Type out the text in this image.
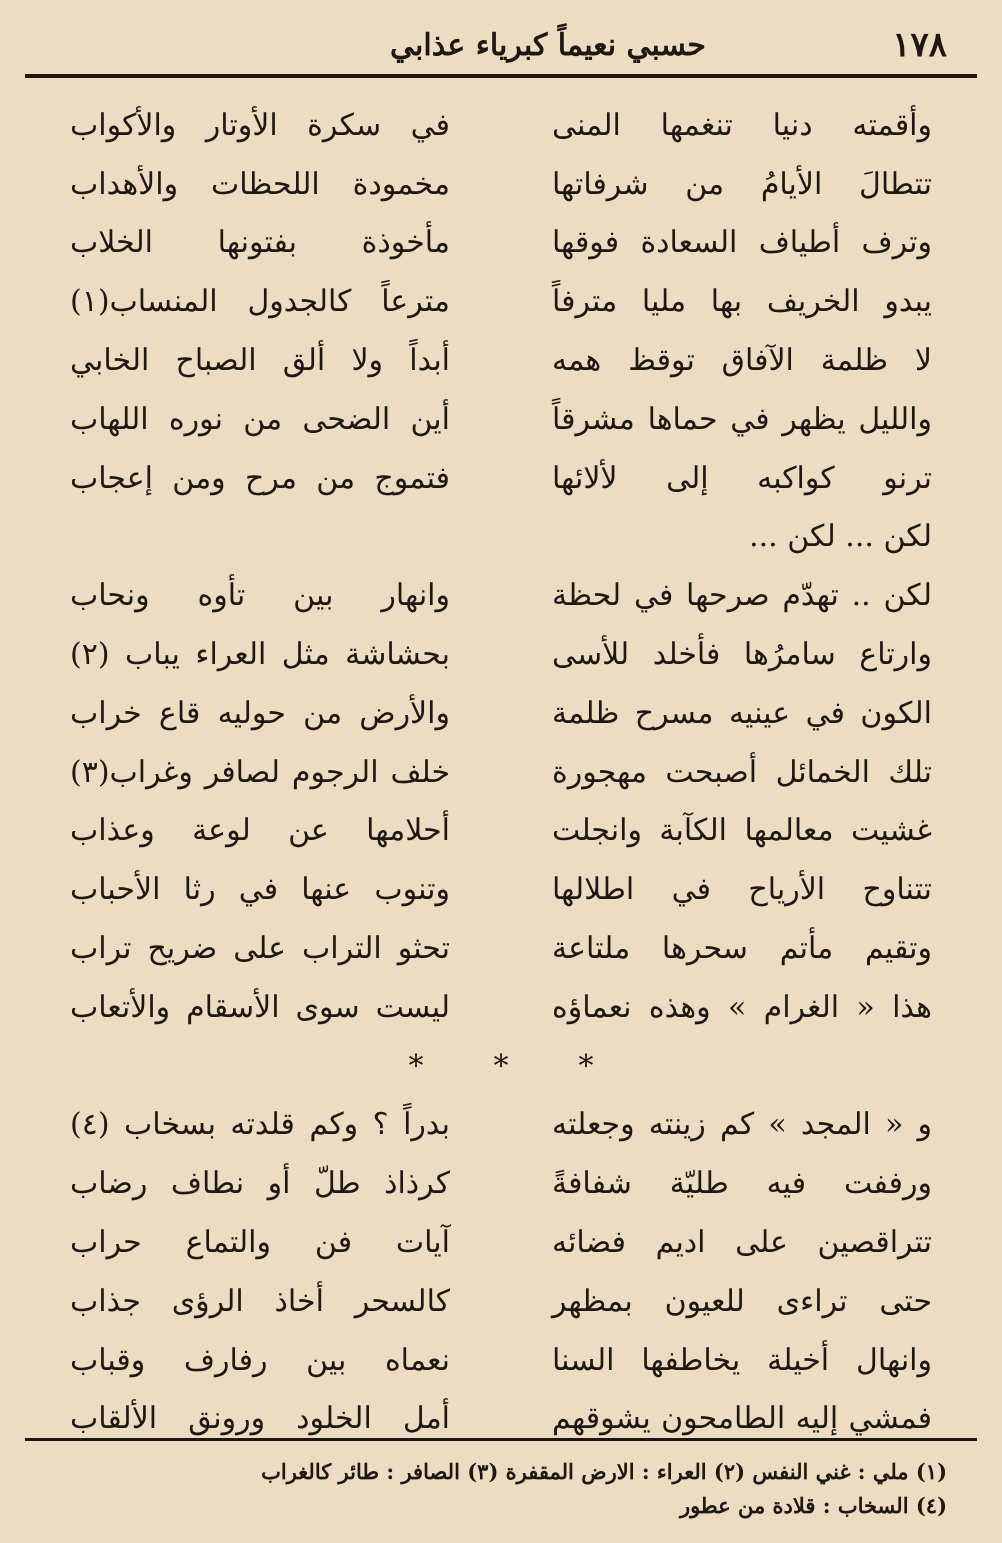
١٧٨
حسبي نعيماً كبرياء عذابي
وأقمته دنيا تنغمها المنى
في سكرة الأوتار والأكواب
تتطالَ الأيامُ من شرفاتها
مخمودة اللحظات والأهداب
وترف أطياف السعادة فوقها
مأخوذة بفتونها الخلاب
يبدو الخريف بها مليا مترفاً
مترعاً كالجدول المنساب(١)
لا ظلمة الآفاق توقظ همه
أبداً ولا ألق الصباح الخابي
والليل يظهر في حماها مشرقاً
أين الضحى من نوره اللهاب
ترنو كواكبه إلى لألائها
فتموج من مرح ومن إعجاب
لكن ... لكن ...
لكن .. تهدّم صرحها في لحظة
وانهار بين تأوه ونحاب
وارتاع سامرُها فأخلد للأسى
بحشاشة مثل العراء يباب (٢)
الكون في عينيه مسرح ظلمة
والأرض من حوليه قاع خراب
تلك الخمائل أصبحت مهجورة
خلف الرجوم لصافر وغراب(٣)
غشيت معالمها الكآبة وانجلت
أحلامها عن لوعة وعذاب
تتناوح الأرياح في اطلالها
وتنوب عنها في رثا الأحباب
وتقيم مأتم سحرها ملتاعة
تحثو التراب على ضريح تراب
هذا « الغرام » وهذه نعماؤه
ليست سوى الأسقام والأتعاب
*
*
*
و « المجد » كم زينته وجعلته
بدراً ؟ وكم قلدته بسخاب (٤)
ورففت فيه طليّة شفافةً
كرذاذ طلّ أو نطاف رضاب
تتراقصين على اديم فضائه
آيات فن والتماع حراب
حتى تراءى للعيون بمظهر
كالسحر أخاذ الرؤى جذاب
وانهال أخيلة يخاطفها السنا
نعماه بين رفارف وقباب
فمشي إليه الطامحون يشوقهم
أمل الخلود ورونق الألقاب
(١) ملي : غني النفس (٢) العراء : الارض المقفرة (٣) الصافر : طائر كالغراب
(٤) السخاب : قلادة من عطور
